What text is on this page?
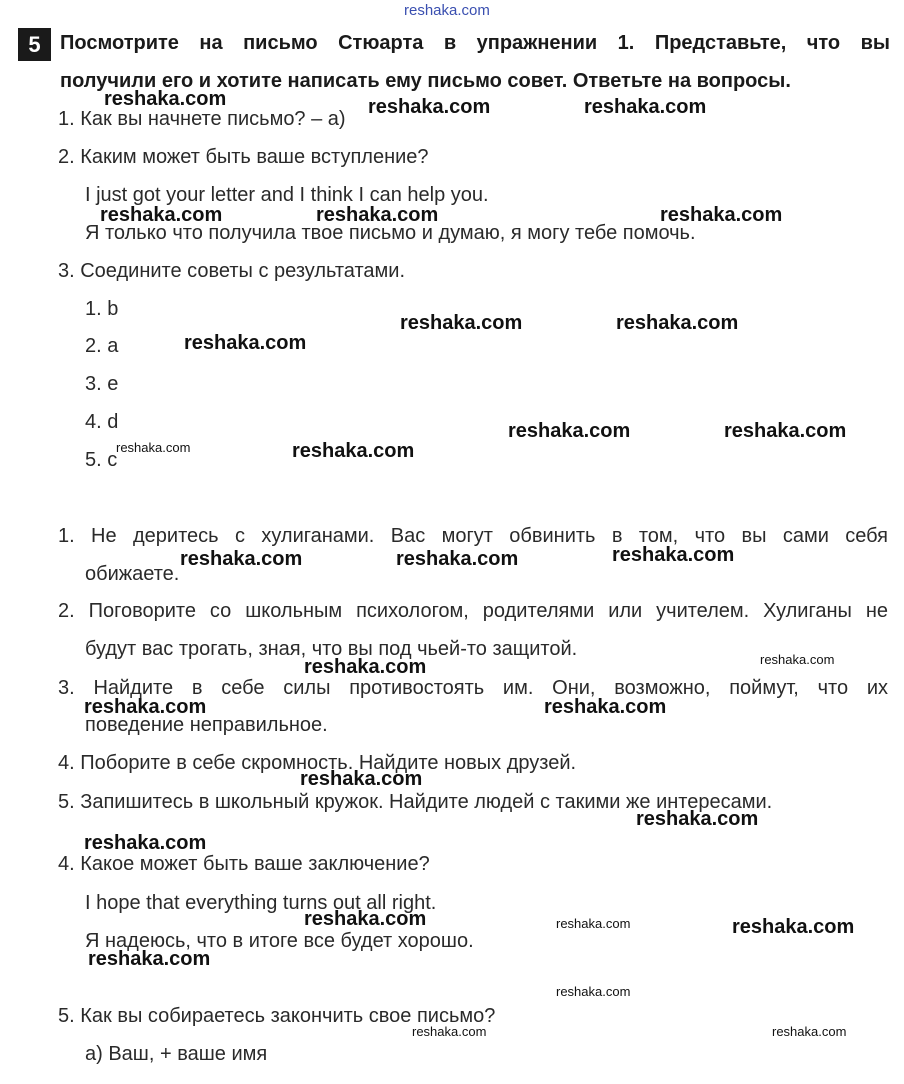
reshaka.com
5 Посмотрите на письмо Стюарта в упражнении 1. Представьте, что вы
получили его и хотите написать ему письмо совет. Ответьте на вопросы.
1. Как вы начнете письмо? – а)
2. Каким может быть ваше вступление?
I just got your letter and I think I can help you.
Я только что получила твое письмо и думаю, я могу тебе помочь.
3. Соедините советы с результатами.
1. b
2. a
3. e
4. d
5. c
1. Не деритесь с хулиганами. Вас могут обвинить в том, что вы сами себя
обижаете.
2. Поговорите со школьным психологом, родителями или учителем. Хулиганы не
будут вас трогать, зная, что вы под чьей-то защитой.
3. Найдите в себе силы противостоять им. Они, возможно, поймут, что их
поведение неправильное.
4. Поборите в себе скромность. Найдите новых друзей.
5. Запишитесь в школьный кружок. Найдите людей с такими же интересами.
4. Какое может быть ваше заключение?
I hope that everything turns out all right.
Я надеюсь, что в итоге все будет хорошо.
5. Как вы собираетесь закончить свое письмо?
а) Ваш, + ваше имя
reshaka.com	reshaka.com	reshaka.com
reshaka.com	reshaka.com	reshaka.com
reshaka.com	reshaka.com
reshaka.com
reshaka.com	reshaka.com
reshaka.com	reshaka.com
reshaka.com	reshaka.com	reshaka.com
reshaka.com	reshaka.com
reshaka.com	reshaka.com
reshaka.com
reshaka.com
reshaka.com
reshaka.com	reshaka.com	reshaka.com
reshaka.com
reshaka.com
reshaka.com	reshaka.com
